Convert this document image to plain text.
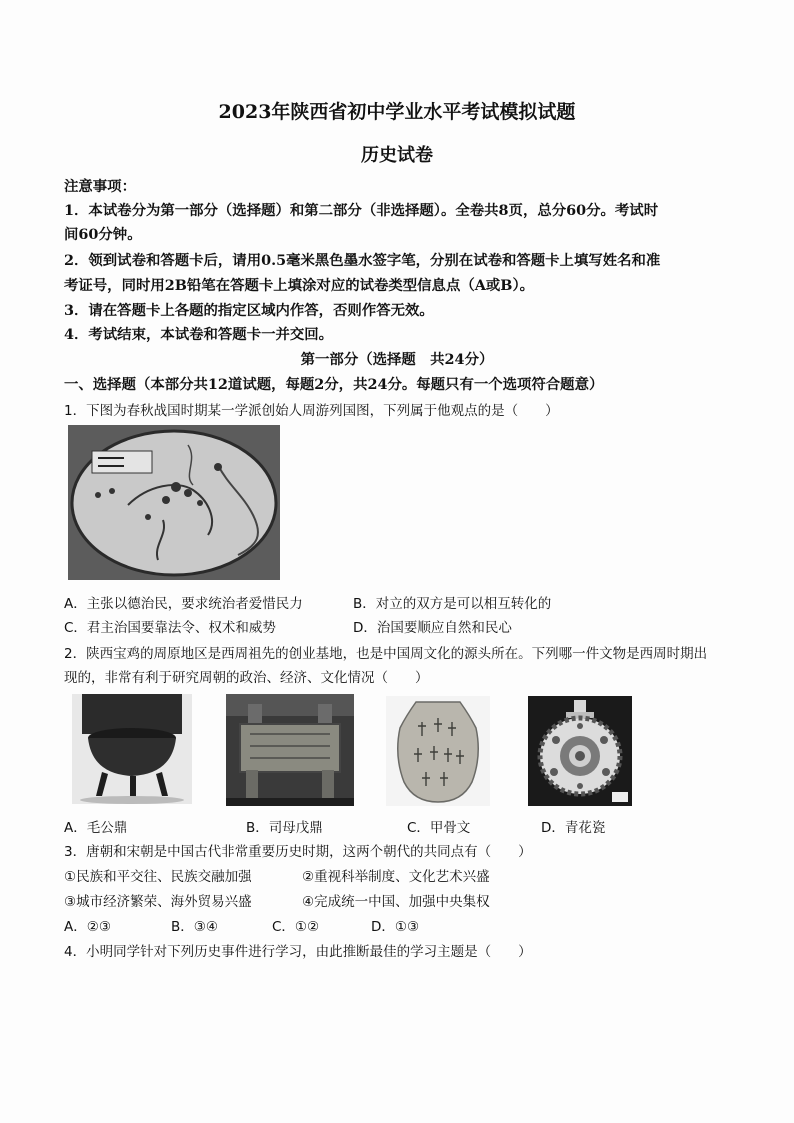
2023年陕西省初中学业水平考试模拟试题
历史试卷
注意事项：
1．本试卷分为第一部分（选择题）和第二部分（非选择题）。全卷共8页，总分60分。考试时
间60分钟。
2．领到试卷和答题卡后，请用0.5毫米黑色墨水签字笔，分别在试卷和答题卡上填写姓名和准
考证号，同时用2B铅笔在答题卡上填涂对应的试卷类型信息点（A或B）。
3．请在答题卡上各题的指定区域内作答，否则作答无效。
4．考试结束，本试卷和答题卡一并交回。
第一部分（选择题　共24分）
一、选择题（本部分共12道试题，每题2分，共24分。每题只有一个选项符合题意）
1．下图为春秋战国时期某一学派创始人周游列国图，下列属于他观点的是（　　）
A．主张以德治民，要求统治者爱惜民力	B．对立的双方是可以相互转化的
C．君主治国要靠法令、权术和威势	D．治国要顺应自然和民心
2．陕西宝鸡的周原地区是西周祖先的创业基地，也是中国周文化的源头所在。下列哪一件文物是西周时期出
现的，非常有利于研究周朝的政治、经济、文化情况（　　）
A．毛公鼎	B．司母戊鼎	C．甲骨文	D．青花瓷
3．唐朝和宋朝是中国古代非常重要历史时期，这两个朝代的共同点有（　　）
①民族和平交往、民族交融加强	②重视科举制度、文化艺术兴盛
③城市经济繁荣、海外贸易兴盛	④完成统一中国、加强中央集权
A．②③	B．③④	C．①②	D．①③
4．小明同学针对下列历史事件进行学习，由此推断最佳的学习主题是（　　）
